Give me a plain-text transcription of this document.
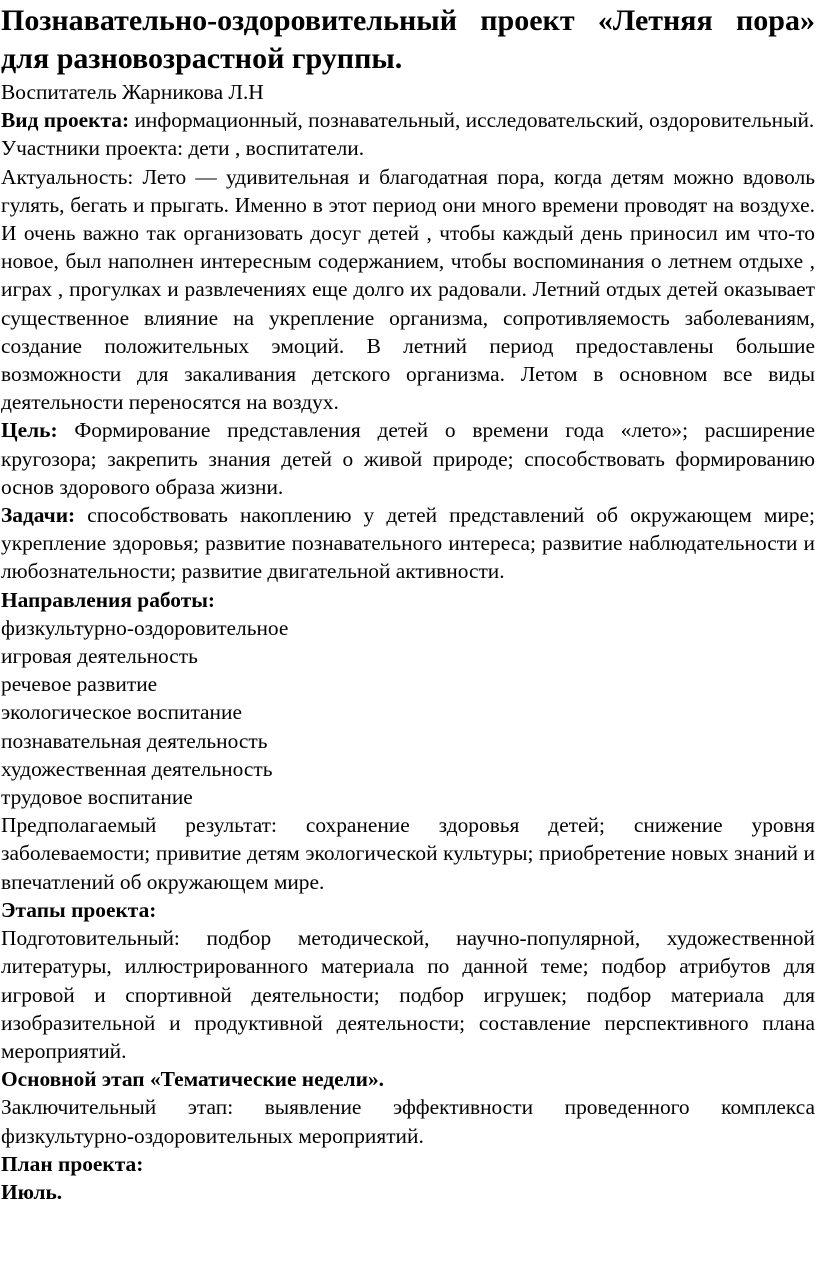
Познавательно-оздоровительный проект «Летняя пора» для разновозрастной группы.

Воспитатель Жарникова Л.Н

Вид проекта: информационный, познавательный, исследовательский, оздоровительный.

Участники проекта: дети , воспитатели.

Актуальность: Лето — удивительная и благодатная пора, когда детям можно вдоволь гулять, бегать и прыгать. Именно в этот период они много времени проводят на воздухе. И очень важно так организовать досуг детей , чтобы каждый день приносил им что-то новое, был наполнен интересным содержанием, чтобы воспоминания о летнем отдыхе , играх , прогулках и развлечениях еще долго их радовали. Летний отдых детей оказывает существенное влияние на укрепление организма, сопротивляемость заболеваниям, создание положительных эмоций. В летний период предоставлены большие возможности для закаливания детского организма. Летом в основном все виды деятельности переносятся на воздух.

Цель: Формирование представления детей о времени года «лето»; расширение кругозора; закрепить знания детей о живой природе; способствовать формированию основ здорового образа жизни.

Задачи: способствовать накоплению у детей представлений об окружающем мире; укрепление здоровья; развитие познавательного интереса; развитие наблюдательности и любознательности; развитие двигательной активности.

Направления работы:

физкультурно-оздоровительное

игровая деятельность

речевое развитие

экологическое воспитание

познавательная деятельность

художественная деятельность

трудовое воспитание

Предполагаемый результат: сохранение здоровья детей; снижение уровня заболеваемости; привитие детям экологической культуры; приобретение новых знаний и впечатлений об окружающем мире.

Этапы проекта:

Подготовительный: подбор методической, научно-популярной, художественной литературы, иллюстрированного материала по данной теме; подбор атрибутов для игровой и спортивной деятельности; подбор игрушек; подбор материала для изобразительной и продуктивной деятельности; составление перспективного плана мероприятий.

Основной этап «Тематические недели».

Заключительный этап: выявление эффективности проведенного комплекса физкультурно-оздоровительных мероприятий.

План проекта:

Июль.
